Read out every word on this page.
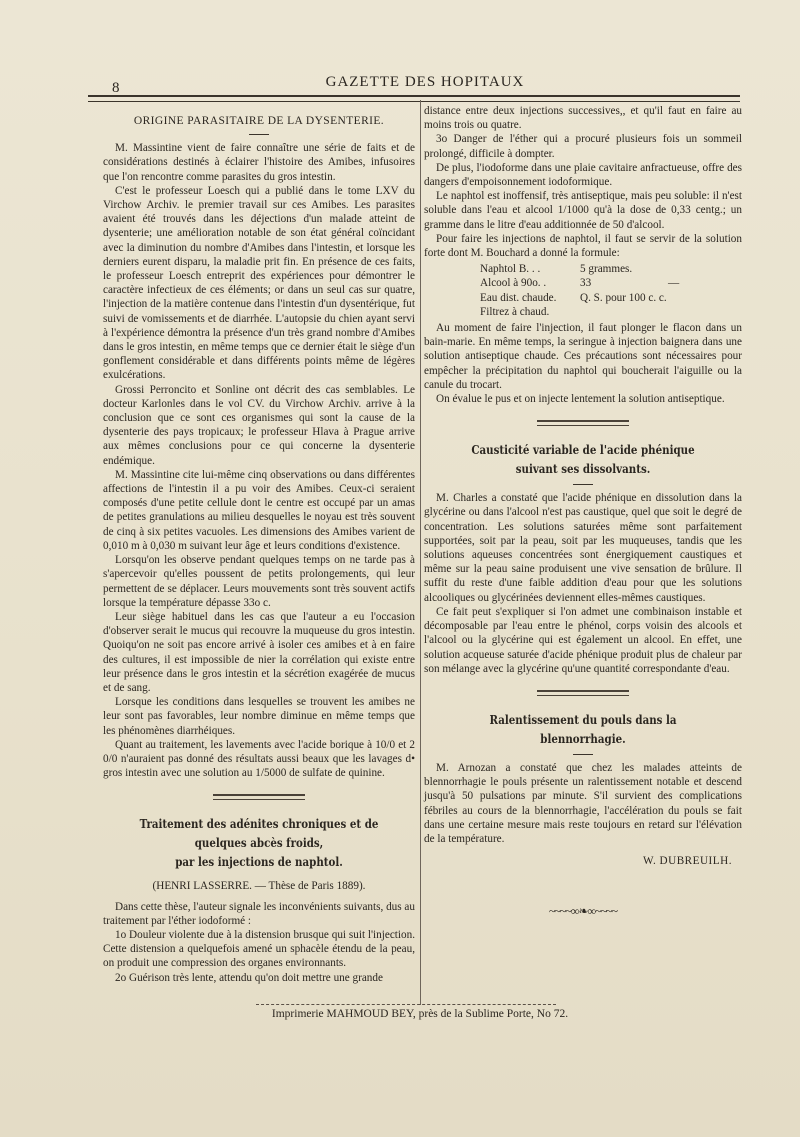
8	GAZETTE DES HOPITAUX
ORIGINE PARASITAIRE DE LA DYSENTERIE.

M. Massintine vient de faire connaître une série de faits et de considérations destinés à éclairer l'histoire des Amibes, infusoires que l'on rencontre comme parasites du gros intestin.

C'est le professeur Loesch qui a publié dans le tome LXV du Virchow Archiv. le premier travail sur ces Amibes. Les parasites avaient été trouvés dans les déjections d'un malade atteint de dysenterie; une amélioration notable de son état général coïncidant avec la diminution du nombre d'Amibes dans l'intestin, et lorsque les derniers eurent disparu, la maladie prit fin. En présence de ces faits, le professeur Loesch entreprit des expériences pour démontrer le caractère infectieux de ces éléments; or dans un seul cas sur quatre, l'injection de la matière contenue dans l'intestin d'un dysentérique, fut suivi de vomissements et de diarrhée. L'autopsie du chien ayant servi à l'expérience démontra la présence d'un très grand nombre d'Amibes dans le gros intestin, en même temps que ce dernier était le siège d'un gonflement considérable et dans différents points même de légères exulcérations.

Grossi Perroncito et Sonline ont décrit des cas semblables. Le docteur Karlonles dans le vol CV. du Virchow Archiv. arrive à la conclusion que ce sont ces organismes qui sont la cause de la dysenterie des pays tropicaux; le professeur Hlava à Prague arrive aux mêmes conclusions pour ce qui concerne la dysenterie endémique.

M. Massintine cite lui-même cinq observations ou dans différentes affections de l'intestin il a pu voir des Amibes. Ceux-ci seraient composés d'une petite cellule dont le centre est occupé par un amas de petites granulations au milieu desquelles le noyau est très souvent de cinq à six petites vacuoles. Les dimensions des Amibes varient de 0,010 m à 0,030 m suivant leur âge et leurs conditions d'existence.

Lorsqu'on les observe pendant quelques temps on ne tarde pas à s'apercevoir qu'elles poussent de petits prolongements, qui leur permettent de se déplacer. Leurs mouvements sont très souvent actifs lorsque la température dépasse 33o c.

Leur siège habituel dans les cas que l'auteur a eu l'occasion d'observer serait le mucus qui recouvre la muqueuse du gros intestin. Quoiqu'on ne soit pas encore arrivé à isoler ces amibes et à en faire des cultures, il est impossible de nier la corrélation qui existe entre leur présence dans le gros intestin et la sécrétion exagérée de mucus et de sang.

Lorsque les conditions dans lesquelles se trouvent les amibes ne leur sont pas favorables, leur nombre diminue en même temps que les phénomènes diarrhéiques.

Quant au traitement, les lavements avec l'acide borique à 10/0 et 2 0/0 n'auraient pas donné des résultats aussi beaux que les lavages d• gros intestin avec une solution au 1/5000 de sulfate de quinine.

Traitement des adénites chroniques et de quelques abcès froids,
par les injections de naphtol.
(HENRI LASSERRE. — Thèse de Paris 1889).

Dans cette thèse, l'auteur signale les inconvénients suivants, dus au traitement par l'éther iodoformé :

1o Douleur violente due à la distension brusque qui suit l'injection. Cette distension a quelquefois amené un sphacèle étendu de la peau, on produit une compression des organes environnants.

2o Guérison très lente, attendu qu'on doit mettre une grande

distance entre deux injections successives,, et qu'il faut en faire au moins trois ou quatre.

3o Danger de l'éther qui a procuré plusieurs fois un sommeil prolongé, difficile à dompter.

De plus, l'iodoforme dans une plaie cavitaire anfractueuse, offre des dangers d'empoisonnement iodoformique.

Le naphtol est inoffensif, très antiseptique, mais peu soluble: il n'est soluble dans l'eau et alcool 1/1000 qu'à la dose de 0,33 centg.; un gramme dans le litre d'eau additionnée de 50 d'alcool.

Pour faire les injections de naphtol, il faut se servir de la solution forte dont M. Bouchard a donné la formule:

Naphtol B. . .	5 grammes.
Alcool à 90o. .	33	—
Eau dist. chaude.	Q. S. pour 100 c. c.
Filtrez à chaud.

Au moment de faire l'injection, il faut plonger le flacon dans un bain-marie. En même temps, la seringue à injection baignera dans une solution antiseptique chaude. Ces précautions sont nécessaires pour empêcher la précipitation du naphtol qui boucherait l'aiguille ou la canule du trocart.

On évalue le pus et on injecte lentement la solution antiseptique.

Causticité variable de l'acide phénique suivant ses dissolvants.

M. Charles a constaté que l'acide phénique en dissolution dans la glycérine ou dans l'alcool n'est pas caustique, quel que soit le degré de concentration. Les solutions saturées même sont parfaitement supportées, soit par la peau, soit par les muqueuses, tandis que les solutions aqueuses concentrées sont énergiquement caustiques et même sur la peau saine produisent une vive sensation de brûlure. Il suffit du reste d'une faible addition d'eau pour que les solutions alcooliques ou glycérinées deviennent elles-mêmes caustiques.

Ce fait peut s'expliquer si l'on admet une combinaison instable et décomposable par l'eau entre le phénol, corps voisin des alcools et l'alcool ou la glycérine qui est également un alcool. En effet, une solution acqueuse saturée d'acide phénique produit plus de chaleur par son mélange avec la glycérine qu'une quantité correspondante d'eau.

Ralentissement du pouls dans la blennorrhagie.

M. Arnozan a constaté que chez les malades atteints de blennorrhagie le pouls présente un ralentissement notable et descend jusqu'à 50 pulsations par minute. S'il survient des complications fébriles au cours de la blennorrhagie, l'accélération du pouls se fait dans une certaine mesure mais reste toujours en retard sur l'élévation de la température.

W. DUBREUILH.
~~~~∞❧∞~~~~
Imprimerie MAHMOUD BEY, près de la Sublime Porte, No 72.
